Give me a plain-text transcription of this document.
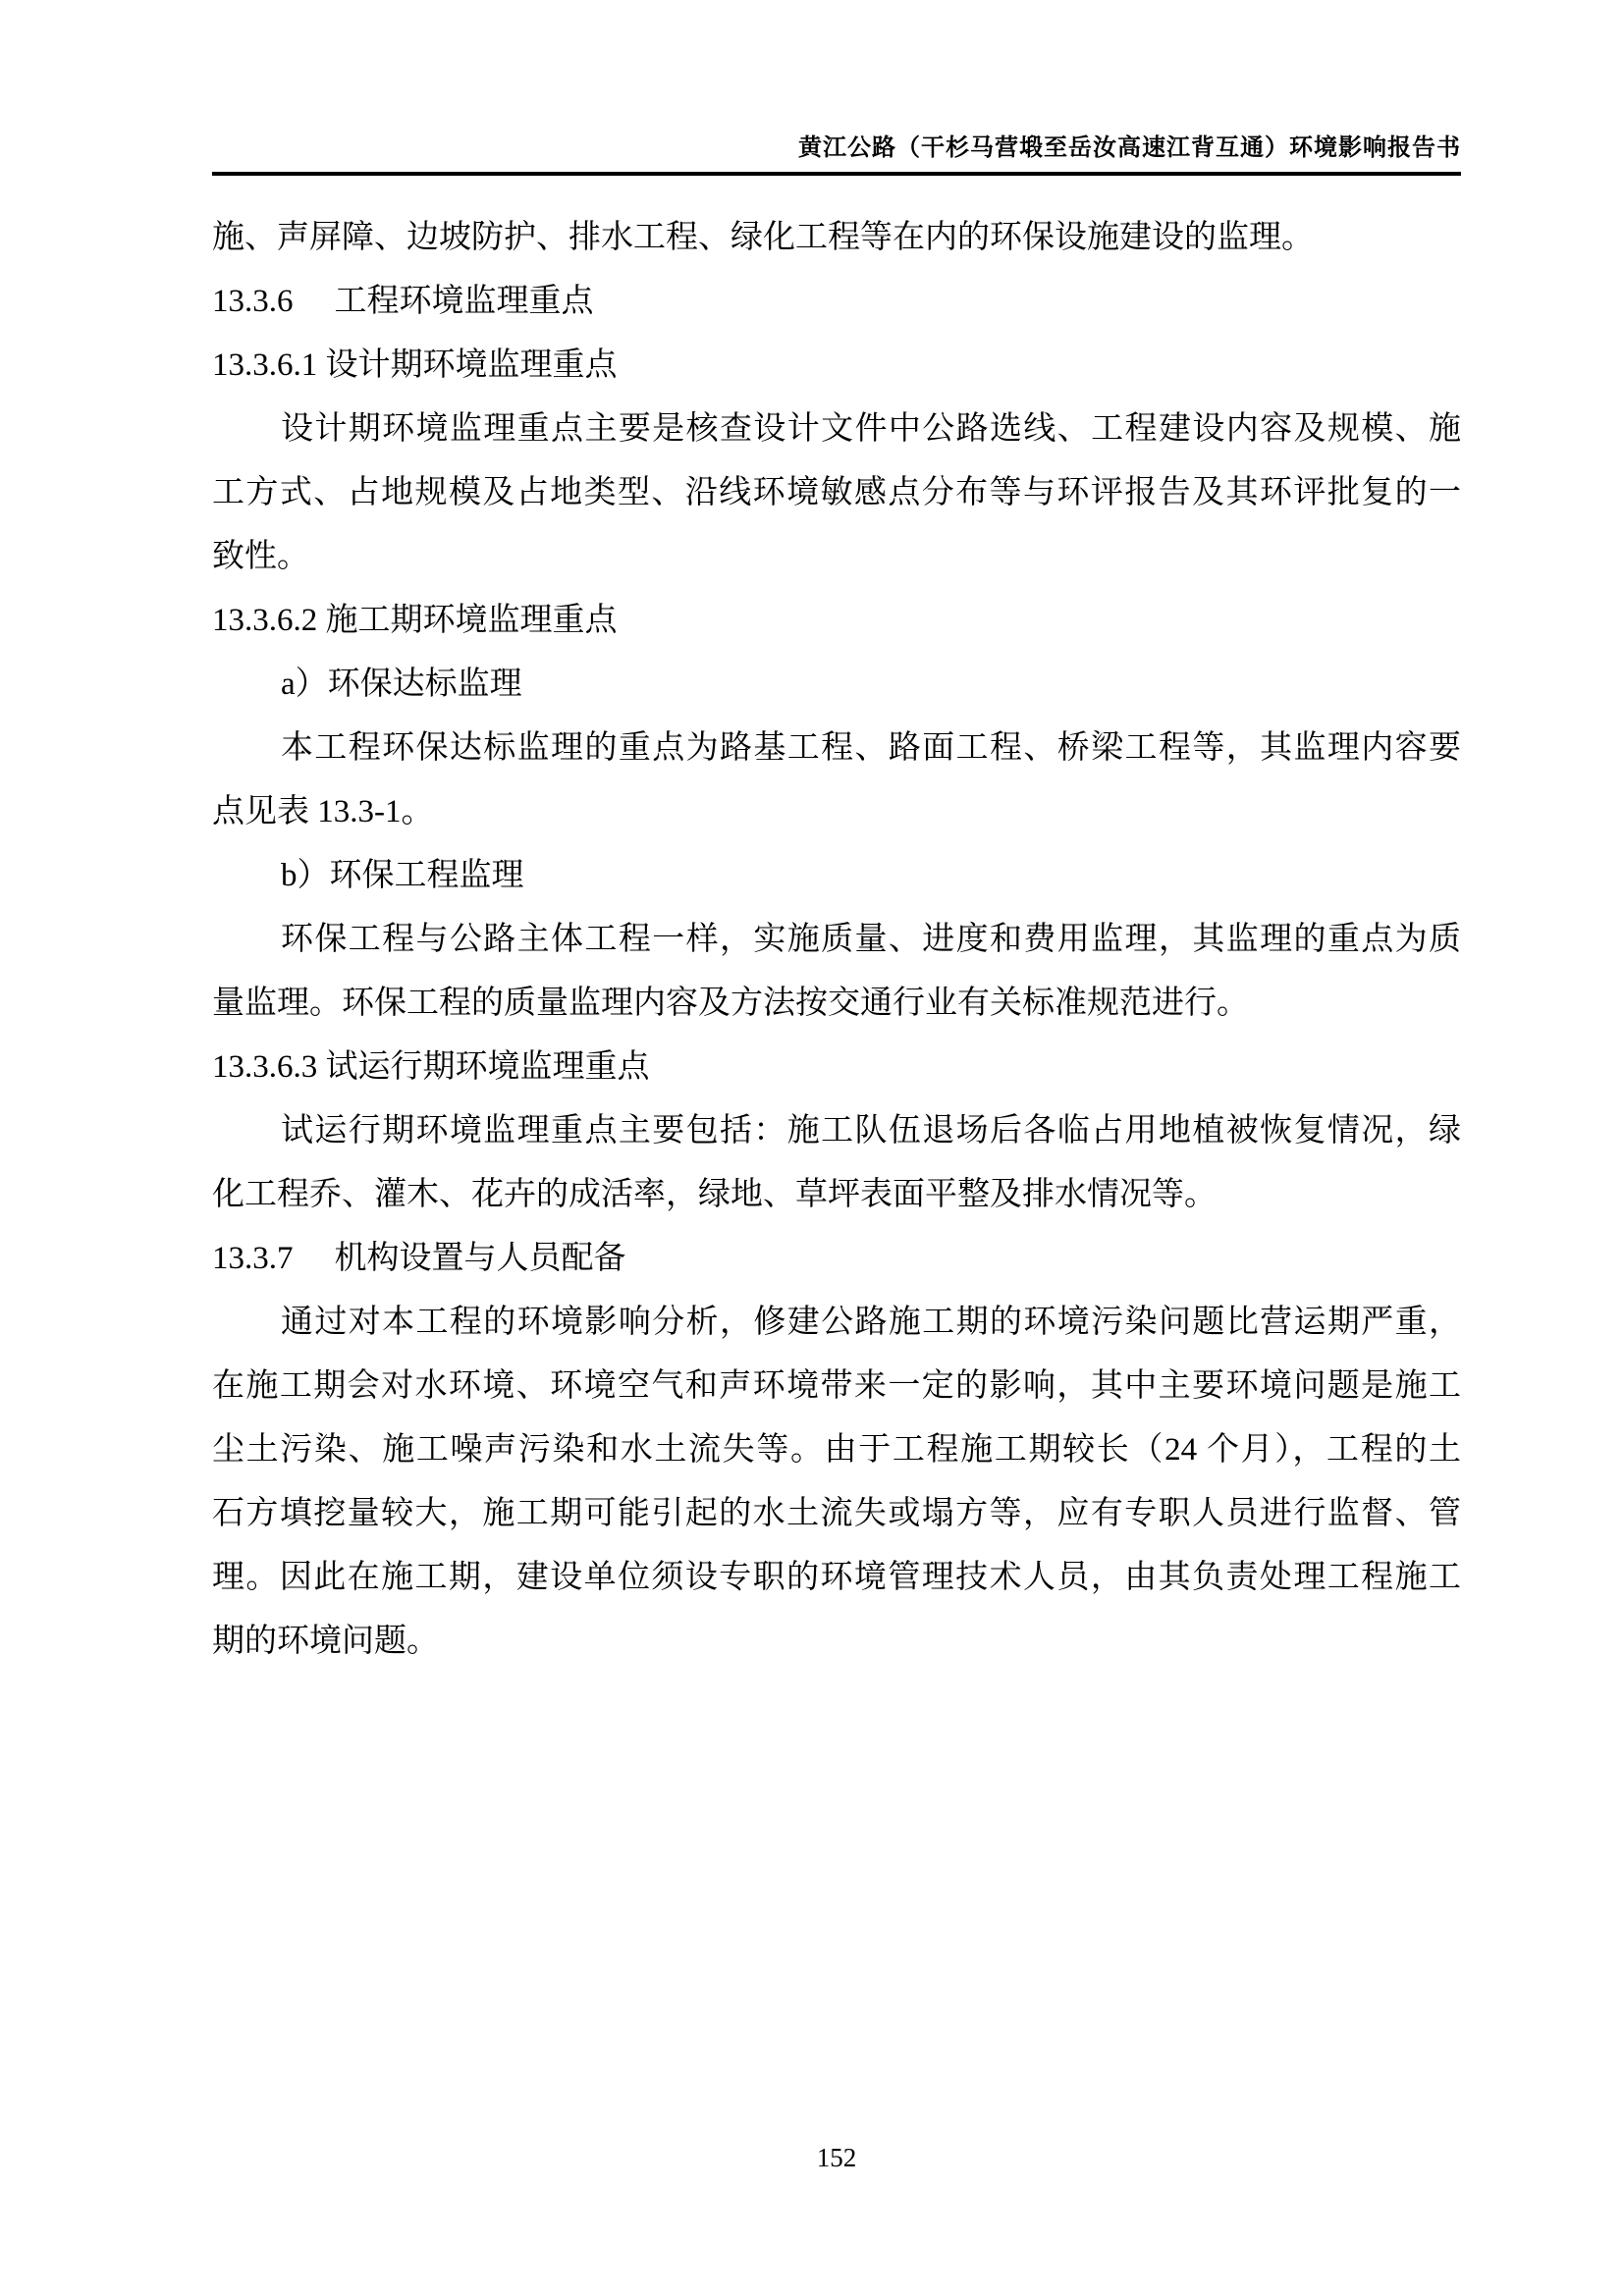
黄江公路（干杉马营塅至岳汝高速江背互通）环境影响报告书
施、声屏障、边坡防护、排水工程、绿化工程等在内的环保设施建设的监理。
13.3.6 工程环境监理重点
13.3.6.1 设计期环境监理重点
设计期环境监理重点主要是核查设计文件中公路选线、工程建设内容及规模、施
工方式、占地规模及占地类型、沿线环境敏感点分布等与环评报告及其环评批复的一
致性。
13.3.6.2 施工期环境监理重点
a）环保达标监理
本工程环保达标监理的重点为路基工程、路面工程、桥梁工程等，其监理内容要
点见表 13.3-1。
b）环保工程监理
环保工程与公路主体工程一样，实施质量、进度和费用监理，其监理的重点为质
量监理。环保工程的质量监理内容及方法按交通行业有关标准规范进行。
13.3.6.3 试运行期环境监理重点
试运行期环境监理重点主要包括：施工队伍退场后各临占用地植被恢复情况，绿
化工程乔、灌木、花卉的成活率，绿地、草坪表面平整及排水情况等。
13.3.7 机构设置与人员配备
通过对本工程的环境影响分析，修建公路施工期的环境污染问题比营运期严重，
在施工期会对水环境、环境空气和声环境带来一定的影响，其中主要环境问题是施工
尘土污染、施工噪声污染和水土流失等。由于工程施工期较长（24 个月），工程的土
石方填挖量较大，施工期可能引起的水土流失或塌方等，应有专职人员进行监督、管
理。因此在施工期，建设单位须设专职的环境管理技术人员，由其负责处理工程施工
期的环境问题。
152
